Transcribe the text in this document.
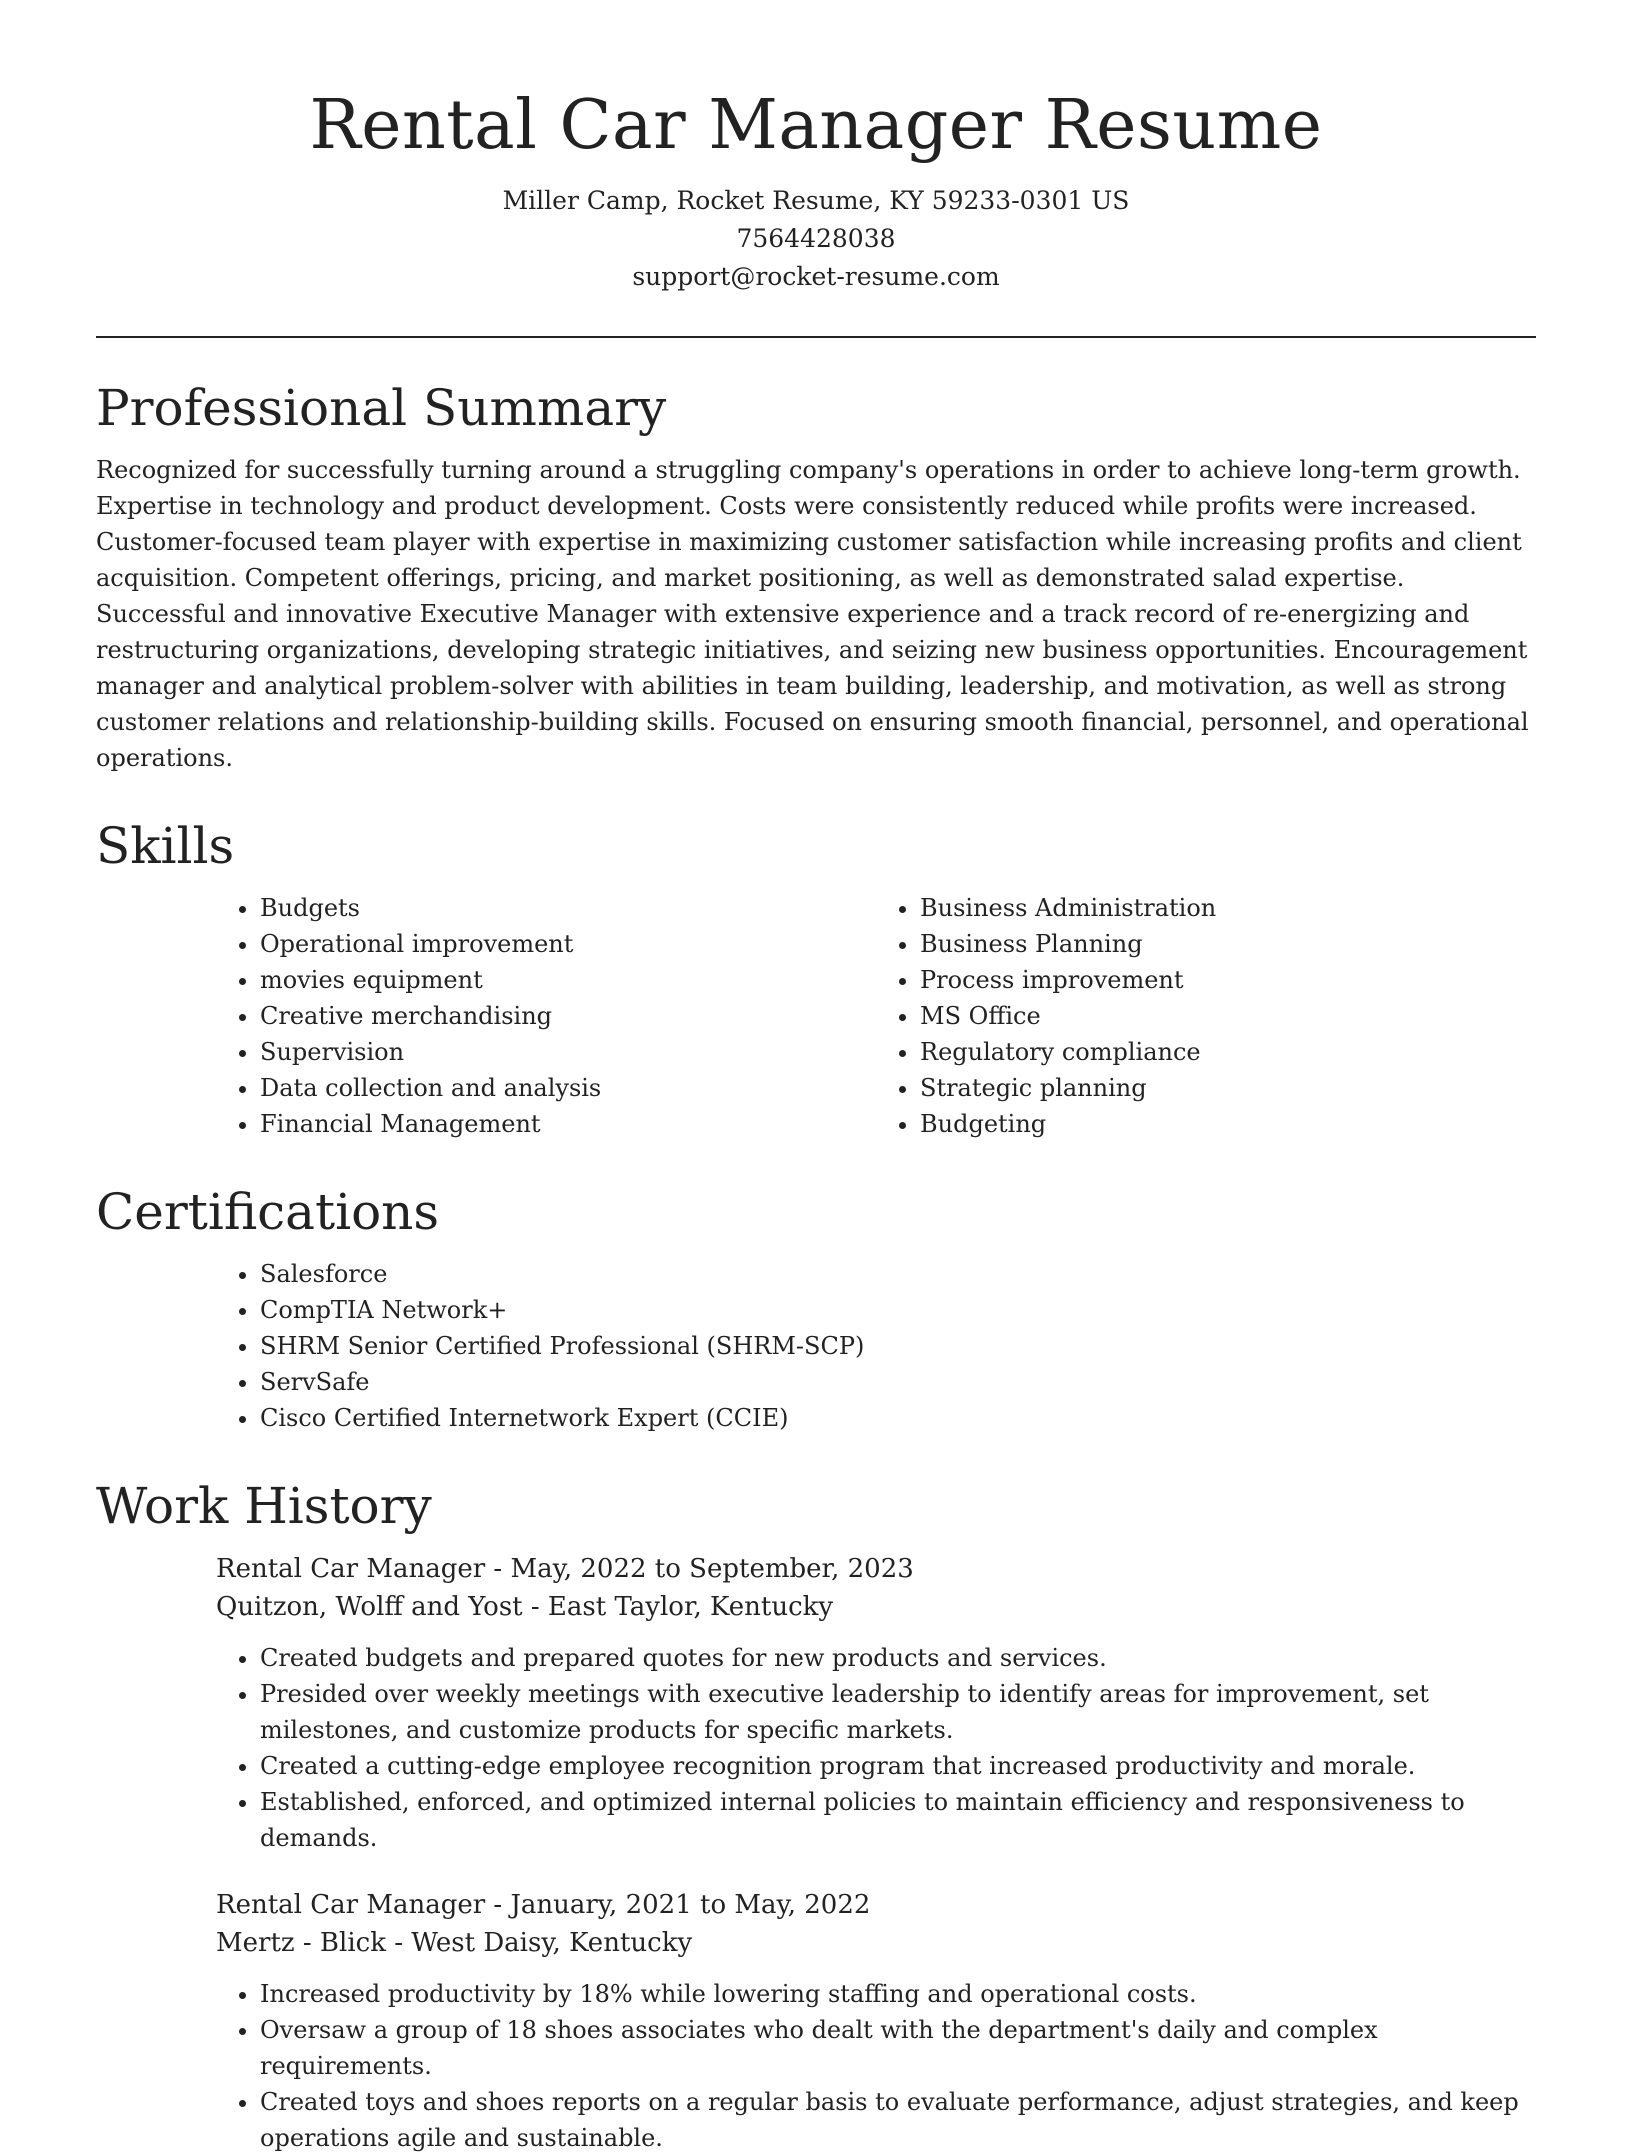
Rental Car Manager Resume
Miller Camp, Rocket Resume, KY 59233-0301 US
7564428038
support@rocket-resume.com
Professional Summary

Recognized for successfully turning around a struggling company's operations in order to achieve long-term growth. Expertise in technology and product development. Costs were consistently reduced while profits were increased. Customer-focused team player with expertise in maximizing customer satisfaction while increasing profits and client acquisition. Competent offerings, pricing, and market positioning, as well as demonstrated salad expertise. Successful and innovative Executive Manager with extensive experience and a track record of re-energizing and restructuring organizations, developing strategic initiatives, and seizing new business opportunities. Encouragement manager and analytical problem-solver with abilities in team building, leadership, and motivation, as well as strong customer relations and relationship-building skills. Focused on ensuring smooth financial, personnel, and operational operations.

Skills
• Budgets
• Operational improvement
• movies equipment
• Creative merchandising
• Supervision
• Data collection and analysis
• Financial Management
• Business Administration
• Business Planning
• Process improvement
• MS Office
• Regulatory compliance
• Strategic planning
• Budgeting
Certifications
• Salesforce
• CompTIA Network+
• SHRM Senior Certified Professional (SHRM-SCP)
• ServSafe
• Cisco Certified Internetwork Expert (CCIE)
Work History
Rental Car Manager - May, 2022 to September, 2023
Quitzon, Wolff and Yost - East Taylor, Kentucky
• Created budgets and prepared quotes for new products and services.
• Presided over weekly meetings with executive leadership to identify areas for improvement, set milestones, and customize products for specific markets.
• Created a cutting-edge employee recognition program that increased productivity and morale.
• Established, enforced, and optimized internal policies to maintain efficiency and responsiveness to demands.
Rental Car Manager - January, 2021 to May, 2022
Mertz - Blick - West Daisy, Kentucky
• Increased productivity by 18% while lowering staffing and operational costs.
• Oversaw a group of 18 shoes associates who dealt with the department's daily and complex requirements.
• Created toys and shoes reports on a regular basis to evaluate performance, adjust strategies, and keep operations agile and sustainable.
